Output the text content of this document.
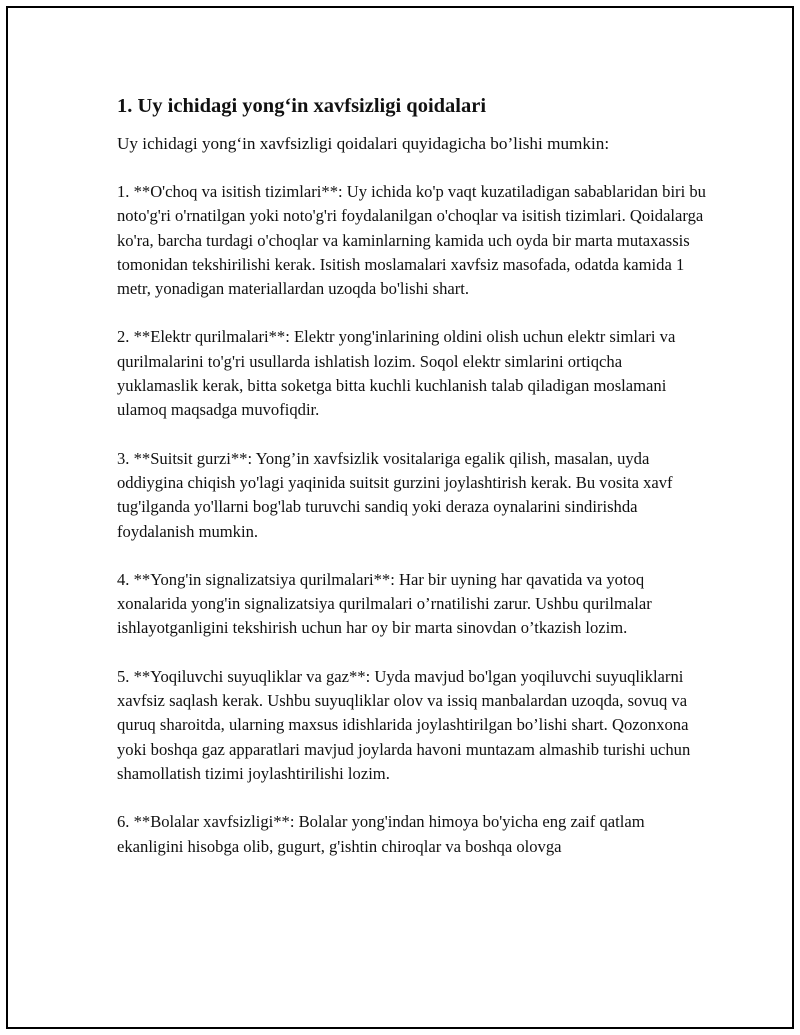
1. Uy ichidagi yong‘in xavfsizligi qoidalari

Uy ichidagi yong‘in xavfsizligi qoidalari quyidagicha bo’lishi mumkin:

1. **O'choq va isitish tizimlari**: Uy ichida ko'p vaqt kuzatiladigan sabablaridan biri bu noto'g'ri o'rnatilgan yoki noto'g'ri foydalanilgan o'choqlar va isitish tizimlari. Qoidalarga ko'ra, barcha turdagi o'choqlar va kaminlarning kamida uch oyda bir marta mutaxassis tomonidan tekshirilishi kerak. Isitish moslamalari xavfsiz masofada, odatda kamida 1 metr, yonadigan materiallardan uzoqda bo'lishi shart.

2. **Elektr qurilmalari**: Elektr yong'inlarining oldini olish uchun elektr simlari va qurilmalarini to'g'ri usullarda ishlatish lozim. Soqol elektr simlarini ortiqcha yuklamaslik kerak, bitta soketga bitta kuchli kuchlanish talab qiladigan moslamani ulamoq maqsadga muvofiqdir.

3. **Suitsit gurzi**: Yong’in xavfsizlik vositalariga egalik qilish, masalan, uyda oddiygina chiqish yo'lagi yaqinida suitsit gurzini joylashtirish kerak. Bu vosita xavf tug'ilganda yo'llarni bog'lab turuvchi sandiq yoki deraza oynalarini sindirishda foydalanish mumkin.

4. **Yong'in signalizatsiya qurilmalari**: Har bir uyning har qavatida va yotoq xonalarida yong'in signalizatsiya qurilmalari o’rnatilishi zarur. Ushbu qurilmalar ishlayotganligini tekshirish uchun har oy bir marta sinovdan o’tkazish lozim.

5. **Yoqiluvchi suyuqliklar va gaz**: Uyda mavjud bo'lgan yoqiluvchi suyuqliklarni xavfsiz saqlash kerak. Ushbu suyuqliklar olov va issiq manbalardan uzoqda, sovuq va quruq sharoitda, ularning maxsus idishlarida joylashtirilgan bo’lishi shart. Qozonxona yoki boshqa gaz apparatlari mavjud joylarda havoni muntazam almashib turishi uchun shamollatish tizimi joylashtirilishi lozim.

6. **Bolalar xavfsizligi**: Bolalar yong'indan himoya bo'yicha eng zaif qatlam ekanligini hisobga olib, gugurt, g'ishtin chiroqlar va boshqa olovga
